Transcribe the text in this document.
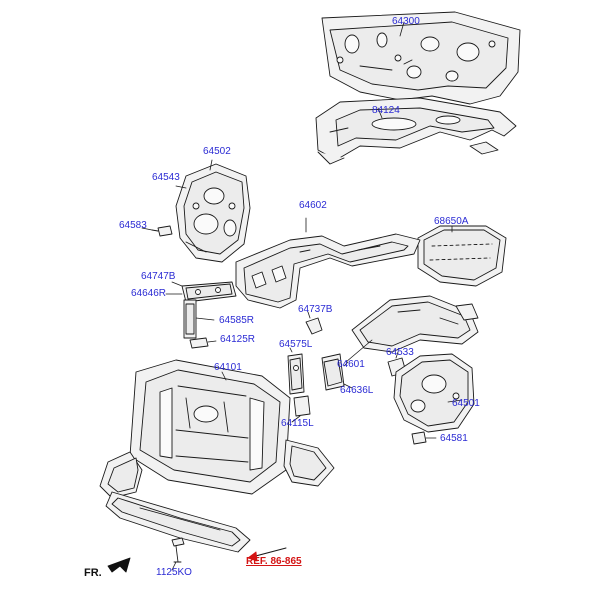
64300
84124
64502
64543
64602
68650A
64583
64747B
64646R
64737B
64585R
64125R 64575L
64533
64601
64101
64636L
64501
64115L
64581
1125KO
REF. 86-865
FR.
